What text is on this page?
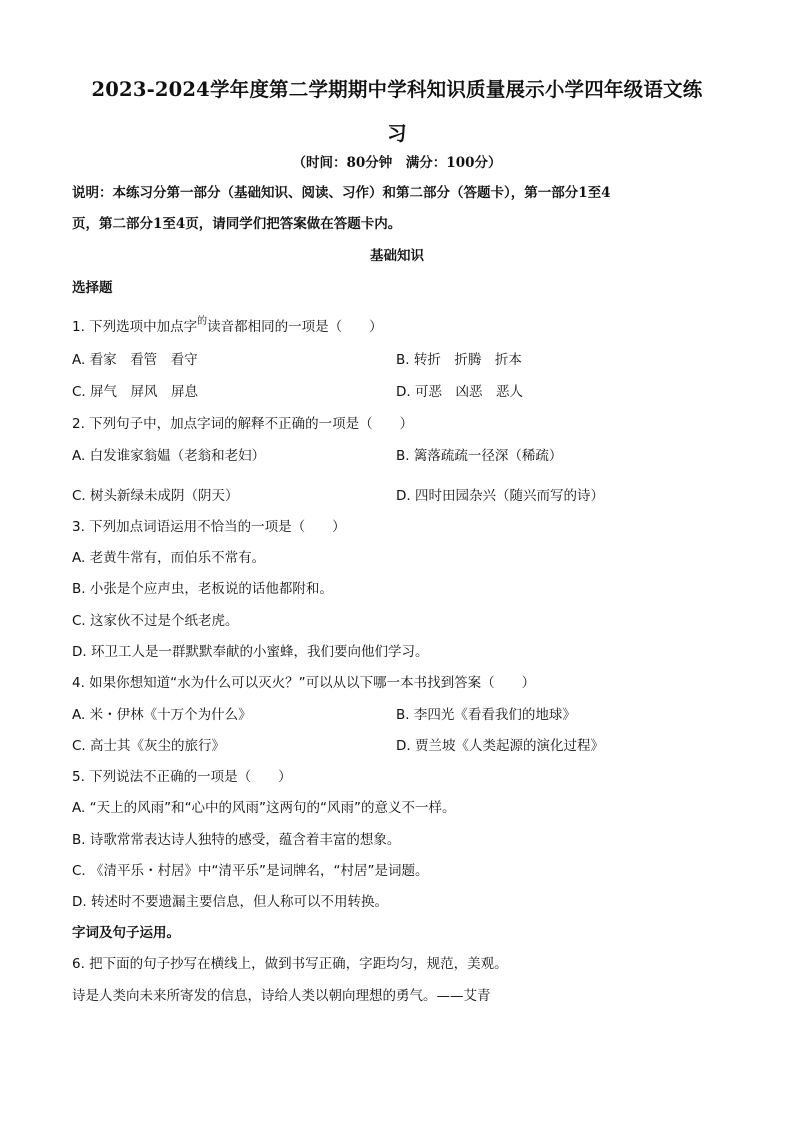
2023-2024学年度第二学期期中学科知识质量展示小学四年级语文练
习
（时间：80分钟　满分：100分）
说明：本练习分第一部分（基础知识、阅读、习作）和第二部分（答题卡），第一部分1至4
页，第二部分1至4页，请同学们把答案做在答题卡内。
基础知识
选择题
1. 下列选项中加点字$^的$读音都相同的一项是（　　）
A. 看家　看管　看守	B. 转折　折腾　折本
C. 屏气　屏风　屏息	D. 可恶　凶恶　恶人
2. 下列句子中，加点字词的解释不正确的一项是（　　）
A. 白发谁家翁媪（老翁和老妇）	B. 篱落疏疏一径深（稀疏）
C. 树头新绿未成阴（阴天）	D. 四时田园杂兴（随兴而写的诗）
3. 下列加点词语运用不恰当的一项是（　　）
A. 老黄牛常有，而伯乐不常有。
B. 小张是个应声虫，老板说的话他都附和。
C. 这家伙不过是个纸老虎。
D. 环卫工人是一群默默奉献的小蜜蜂，我们要向他们学习。
4. 如果你想知道“水为什么可以灭火？”可以从以下哪一本书找到答案（　　）
A. 米・伊林《十万个为什么》	B. 李四光《看看我们的地球》
C. 高士其《灰尘的旅行》	D. 贾兰坡《人类起源的演化过程》
5. 下列说法不正确的一项是（　　）
A. “天上的风雨”和“心中的风雨”这两句的“风雨”的意义不一样。
B. 诗歌常常表达诗人独特的感受，蕴含着丰富的想象。
C. 《清平乐・村居》中“清平乐”是词牌名，“村居”是词题。
D. 转述时不要遗漏主要信息，但人称可以不用转换。
字词及句子运用。
6. 把下面的句子抄写在横线上，做到书写正确，字距均匀，规范，美观。
诗是人类向未来所寄发的信息，诗给人类以朝向理想的勇气。——艾青
